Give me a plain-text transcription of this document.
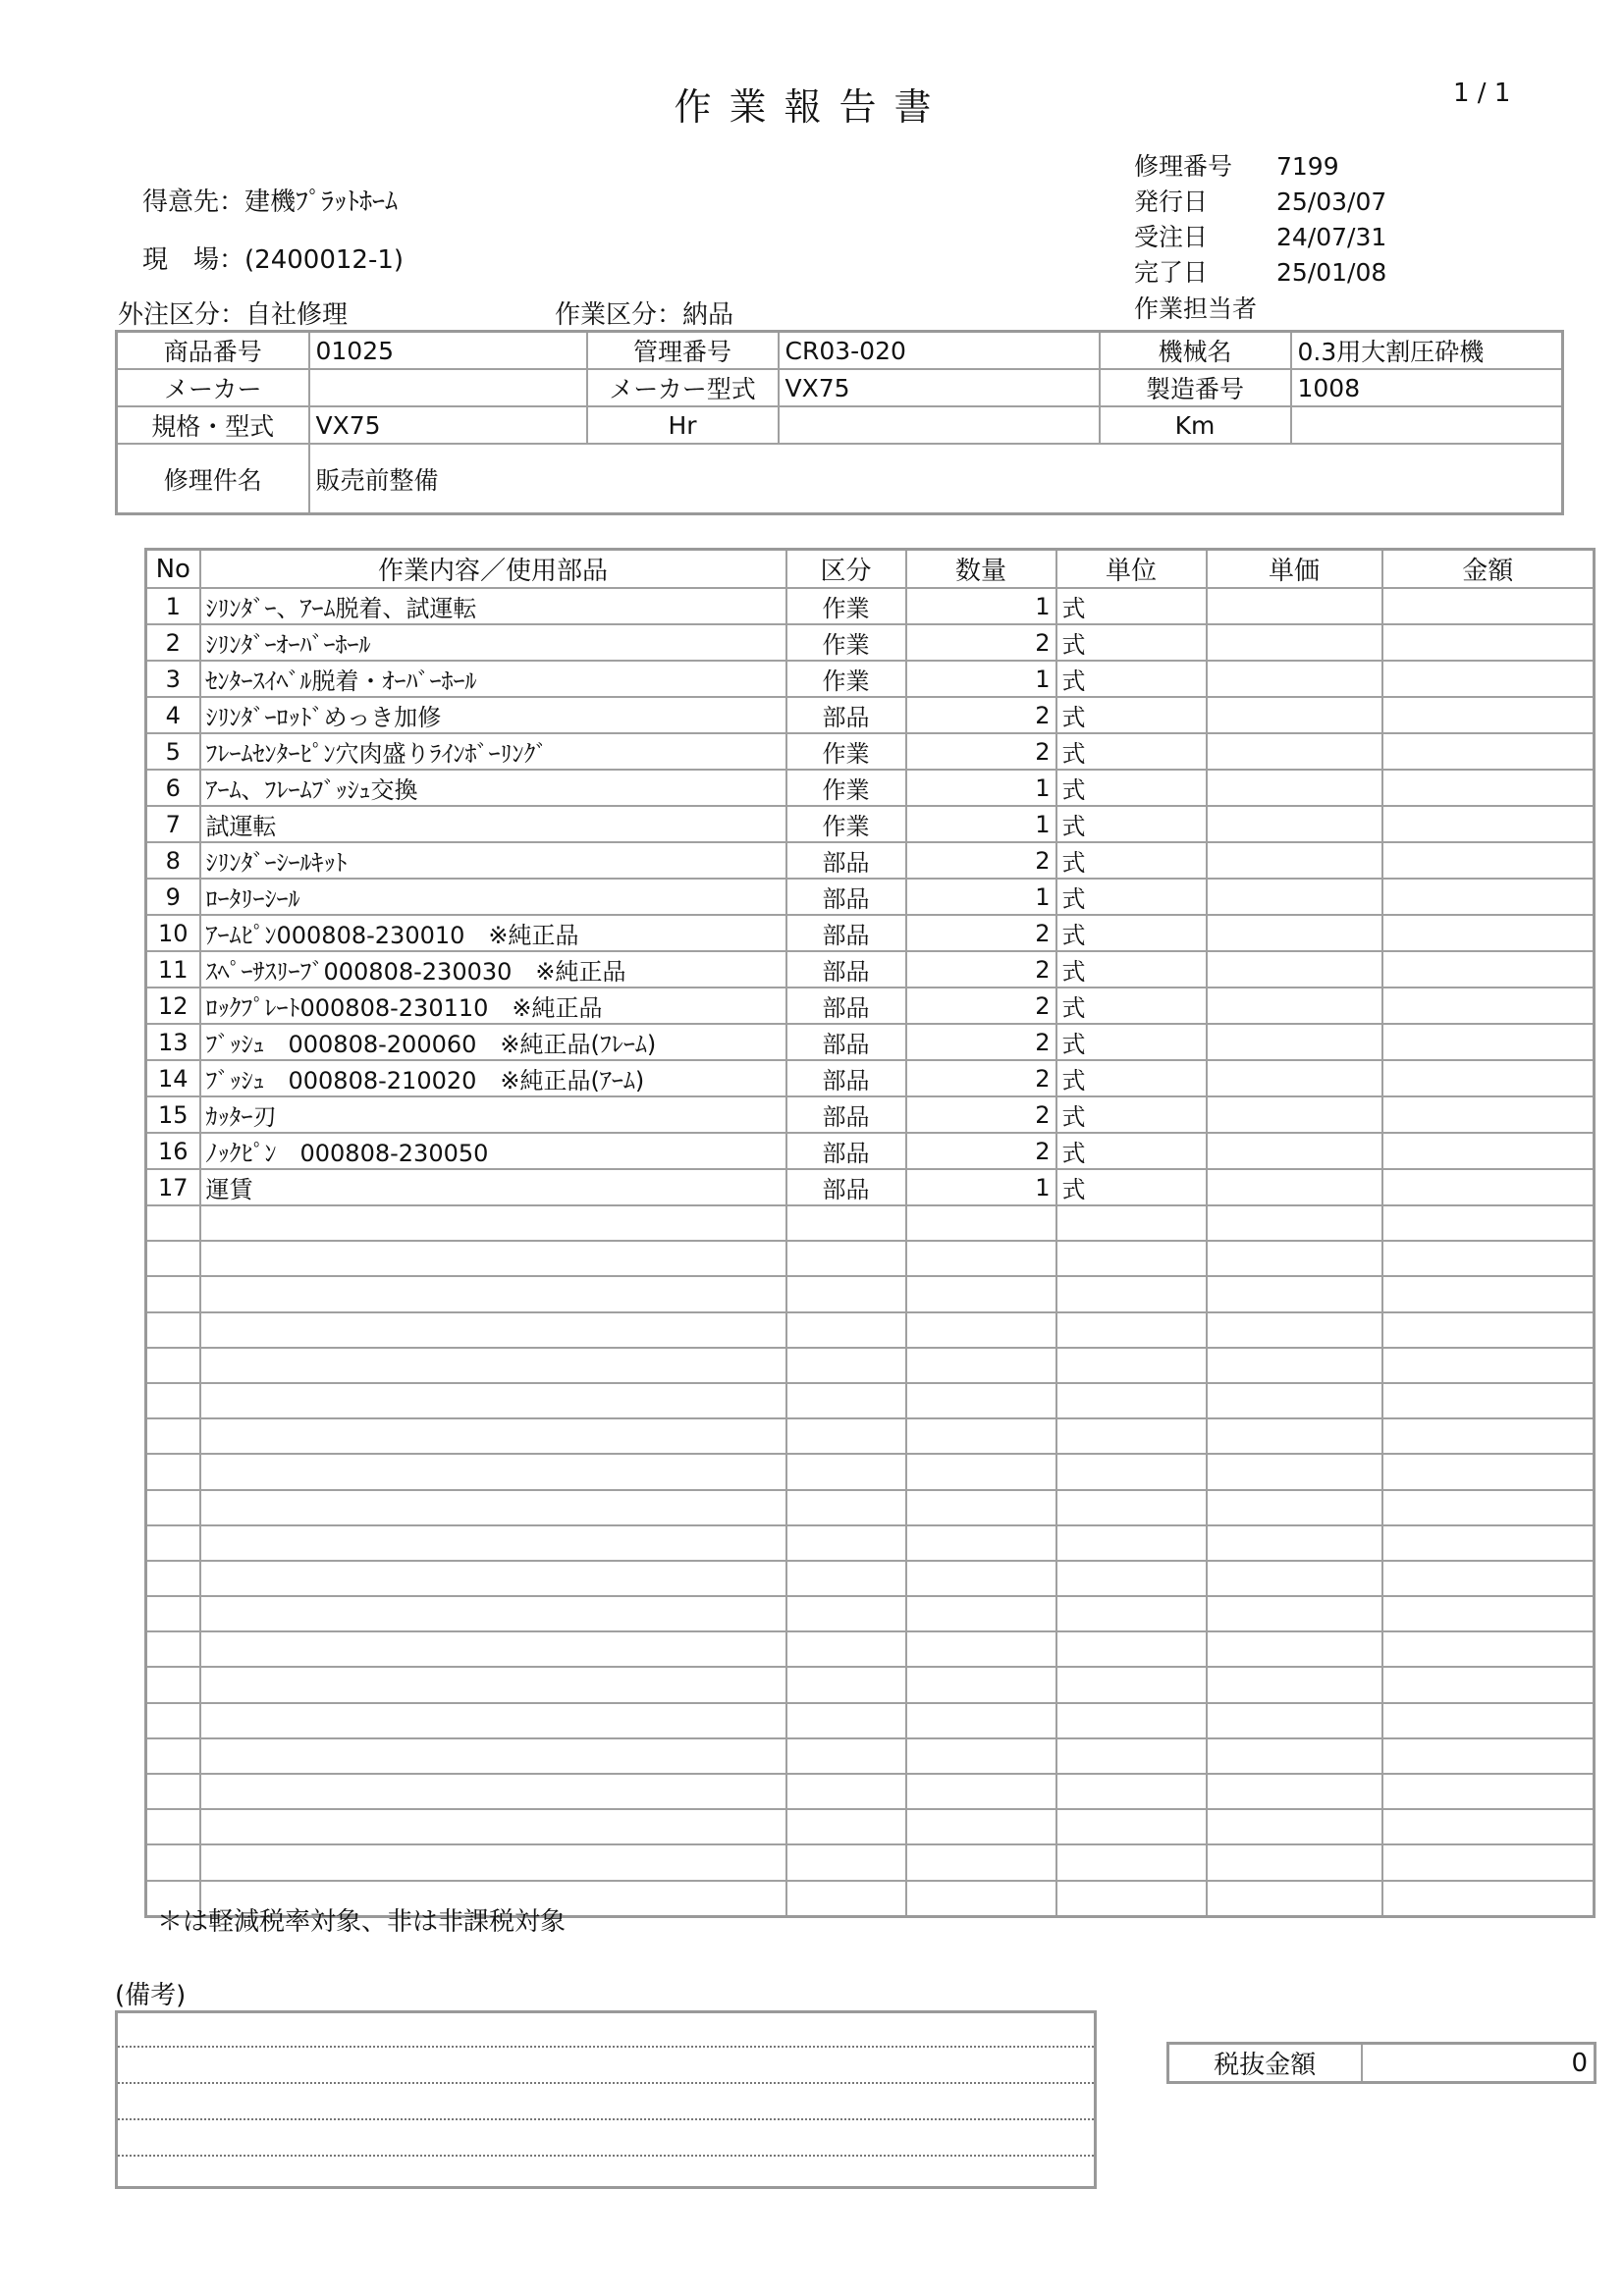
作業報告書	1 / 1
得意先：建機ﾌﾟﾗｯﾄﾎｰﾑ
現　場：(2400012-1)
外注区分：自社修理	作業区分：納品
修理番号 7199
発行日	25/03/07
受注日	24/07/31
完了日	25/01/08
作業担当者
商品番号	01025	管理番号	CR03-020	機械名	0.3用大割圧砕機
メーカー		メーカー型式	VX75	製造番号	1008
規格・型式	VX75	Hr		Km	
修理件名	販売前整備				
No	作業内容／使用部品	区分	数量	単位	単価	金額
1	ｼﾘﾝﾀﾞｰ、ｱｰﾑ脱着、試運転	作業	1	式		
2	ｼﾘﾝﾀﾞｰｵｰﾊﾞｰﾎｰﾙ	作業	2	式		
3	ｾﾝﾀｰｽｲﾍﾞﾙ脱着・ｵｰﾊﾞｰﾎｰﾙ	作業	1	式		
4	ｼﾘﾝﾀﾞｰﾛｯﾄﾞめっき加修	部品	2	式		
5	ﾌﾚｰﾑｾﾝﾀｰﾋﾟﾝ穴肉盛りﾗｲﾝﾎﾞｰﾘﾝｸﾞ	作業	2	式		
6	ｱｰﾑ、ﾌﾚｰﾑﾌﾞｯｼｭ交換	作業	1	式		
7	試運転	作業	1	式		
8	ｼﾘﾝﾀﾞｰｼｰﾙｷｯﾄ	部品	2	式		
9	ﾛｰﾀﾘｰｼｰﾙ	部品	1	式		
10	ｱｰﾑﾋﾟﾝ000808-230010　※純正品	部品	2	式		
11	ｽﾍﾟｰｻｽﾘｰﾌﾞ000808-230030　※純正品	部品	2	式		
12	ﾛｯｸﾌﾟﾚｰﾄ000808-230110　※純正品	部品	2	式		
13	ﾌﾞｯｼｭ　000808-200060　※純正品(ﾌﾚｰﾑ)	部品	2	式		
14	ﾌﾞｯｼｭ　000808-210020　※純正品(ｱｰﾑ)	部品	2	式		
15	ｶｯﾀｰ刃	部品	2	式		
16	ﾉｯｸﾋﾟﾝ　000808-230050	部品	2	式		
17	運賃	部品	1	式		

＊は軽減税率対象、非は非課税対象
(備考)
税抜金額	0
